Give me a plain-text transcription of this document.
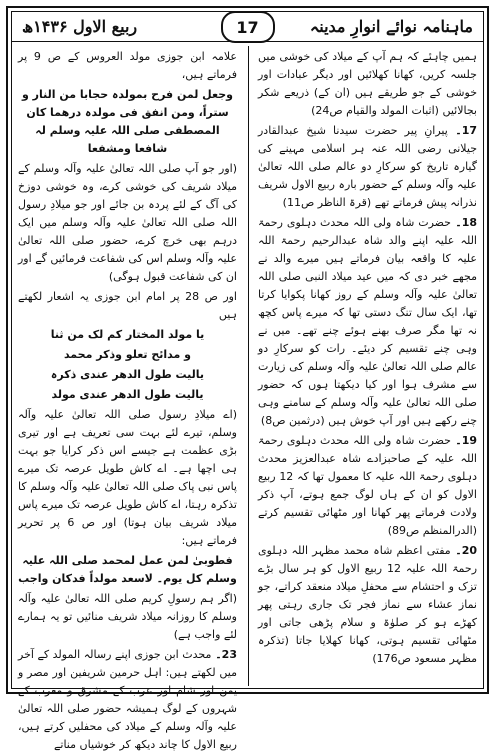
ربیع الاول ۱۴۳۶ھ	ماہنامہ نوائے انوارِ مدینہ
17

ہمیں چاہئے کہ ہم آپ کے میلاد کی خوشی میں جلسہ کریں، کھانا کھلائیں اور دیگر عبادات اور خوشی کے جو طریقے ہیں (ان کے) ذریعے شکر بجالائیں (اثبات المولد والقیام ص24)

17۔ پیرانِ پیر حضرت سیدنا شیخ عبدالقادر جیلانی رضی اللہ عنہ ہر اسلامی مہینے کی گیارہ تاریخ کو سرکارِ دو عالم صلی اللہ تعالیٰ علیہ وآلہ وسلم کے حضور بارہ ربیع الاول شریف نذرانہ پیش فرماتے تھے (قرۃ الناظر ص11)

18۔ حضرت شاہ ولی اللہ محدث دہلوی رحمۃ اللہ علیہ اپنے والد شاہ عبدالرحیم رحمۃ اللہ علیہ کا واقعہ بیان فرماتے ہیں میرے والد نے مجھے خبر دی کہ میں عید میلاد النبی صلی اللہ تعالیٰ علیہ وآلہ وسلم کے روز کھانا پکوایا کرتا تھا، ایک سال تنگ دستی تھا کہ میرے پاس کچھ نہ تھا مگر صرف بھنے ہوئے چنے تھے۔ میں نے وہی چنے تقسیم کر دیئے۔ رات کو سرکارِ دو عالم صلی اللہ تعالیٰ علیہ وآلہ وسلم کی زیارت سے مشرف ہوا اور کیا دیکھتا ہوں کہ حضور صلی اللہ تعالیٰ علیہ وآلہ وسلم کے سامنے وہی چنے رکھے ہیں اور آپ خوش ہیں (درثمین ص8)

19۔ حضرت شاہ ولی اللہ محدث دہلوی رحمۃ اللہ علیہ کے صاحبزادے شاہ عبدالعزیز محدث دہلوی رحمۃ اللہ علیہ کا معمول تھا کہ 12 ربیع الاول کو ان کے ہاں لوگ جمع ہوتے، آپ ذکر ولادت فرماتے پھر کھانا اور مٹھائی تقسیم کرتے (الدرالمنظم ص89)

20۔ مفتی اعظم شاہ محمد مظہر اللہ دہلوی رحمۃ اللہ علیہ 12 ربیع الاول کو ہر سال بڑے تزک و احتشام سے محفلِ میلاد منعقد کراتے، جو نماز عشاء سے نماز فجر تک جاری رہتی پھر کھڑے ہو کر صلوٰۃ و سلام پڑھی جاتی اور مٹھائی تقسیم ہوتی، کھانا کھلایا جاتا (تذکرہ مظہر مسعود ص176)

علامہ ابن جوزی مولد العروس کے ص 9 پر فرماتے ہیں،

وجعل لمن فرح بمولدہ حجابا من النار و ستراً، ومن انفق فی مولدہ درھما کان المصطفی صلی اللہ علیہ وسلم لہ شافعا ومشفعا

(اور جو آپ صلی اللہ تعالیٰ علیہ وآلہ وسلم کے میلاد شریف کی خوشی کرے، وہ خوشی دوزخ کی آگ کے لئے پردہ بن جائے اور جو میلادِ رسول اللہ صلی اللہ تعالیٰ علیہ وآلہ وسلم میں ایک درہم بھی خرچ کرے، حضور صلی اللہ تعالیٰ علیہ وآلہ وسلم اس کی شفاعت فرمائیں گے اور ان کی شفاعت قبول ہوگی)

اور ص 28 پر امام ابن جوزی یہ اشعار لکھتے ہیں

یا مولد المختار کم لک من ثنا

و مدائح تعلو وذکر محمد

یالیت طول الدھر عندی ذکرہ

یالیت طول الدھر عندی مولد

(اے میلادِ رسول صلی اللہ تعالیٰ علیہ وآلہ وسلم، تیرے لئے بہت سی تعریف ہے اور تیری بڑی عظمت ہے جیسے اس ذکر کرایا جو بہت ہی اچھا ہے۔ اے کاش طویل عرصہ تک میرے پاس نبی پاک صلی اللہ تعالیٰ علیہ وآلہ وسلم کا تذکرہ رہتا، اے کاش طویل عرصہ تک میرے پاس میلاد شریف بیان ہوتا) اور ص 6 پر تحریر فرماتے ہیں:

فطوبیٰ لمن عمل لمحمد صلی اللہ علیہ وسلم کل یوم۔ لاسعد مولداً فدکان واجب

(اگر ہم رسولِ کریم صلی اللہ تعالیٰ علیہ وآلہ وسلم کا روزانہ میلاد شریف منائیں تو یہ ہمارے لئے واجب ہے)

23۔ محدث ابن جوزی اپنے رسالہ المولد کے آخر میں لکھتے ہیں: اہل حرمین شریفین اور مصر و یمن اور شام اور عرب کے مشرق و مغرب کے شہروں کے لوگ ہمیشہ حضور صلی اللہ تعالیٰ علیہ وآلہ وسلم کے میلاد کی محفلیں کرتے ہیں، ربیع الاول کا چاند دیکھ کر خوشیاں مناتے
